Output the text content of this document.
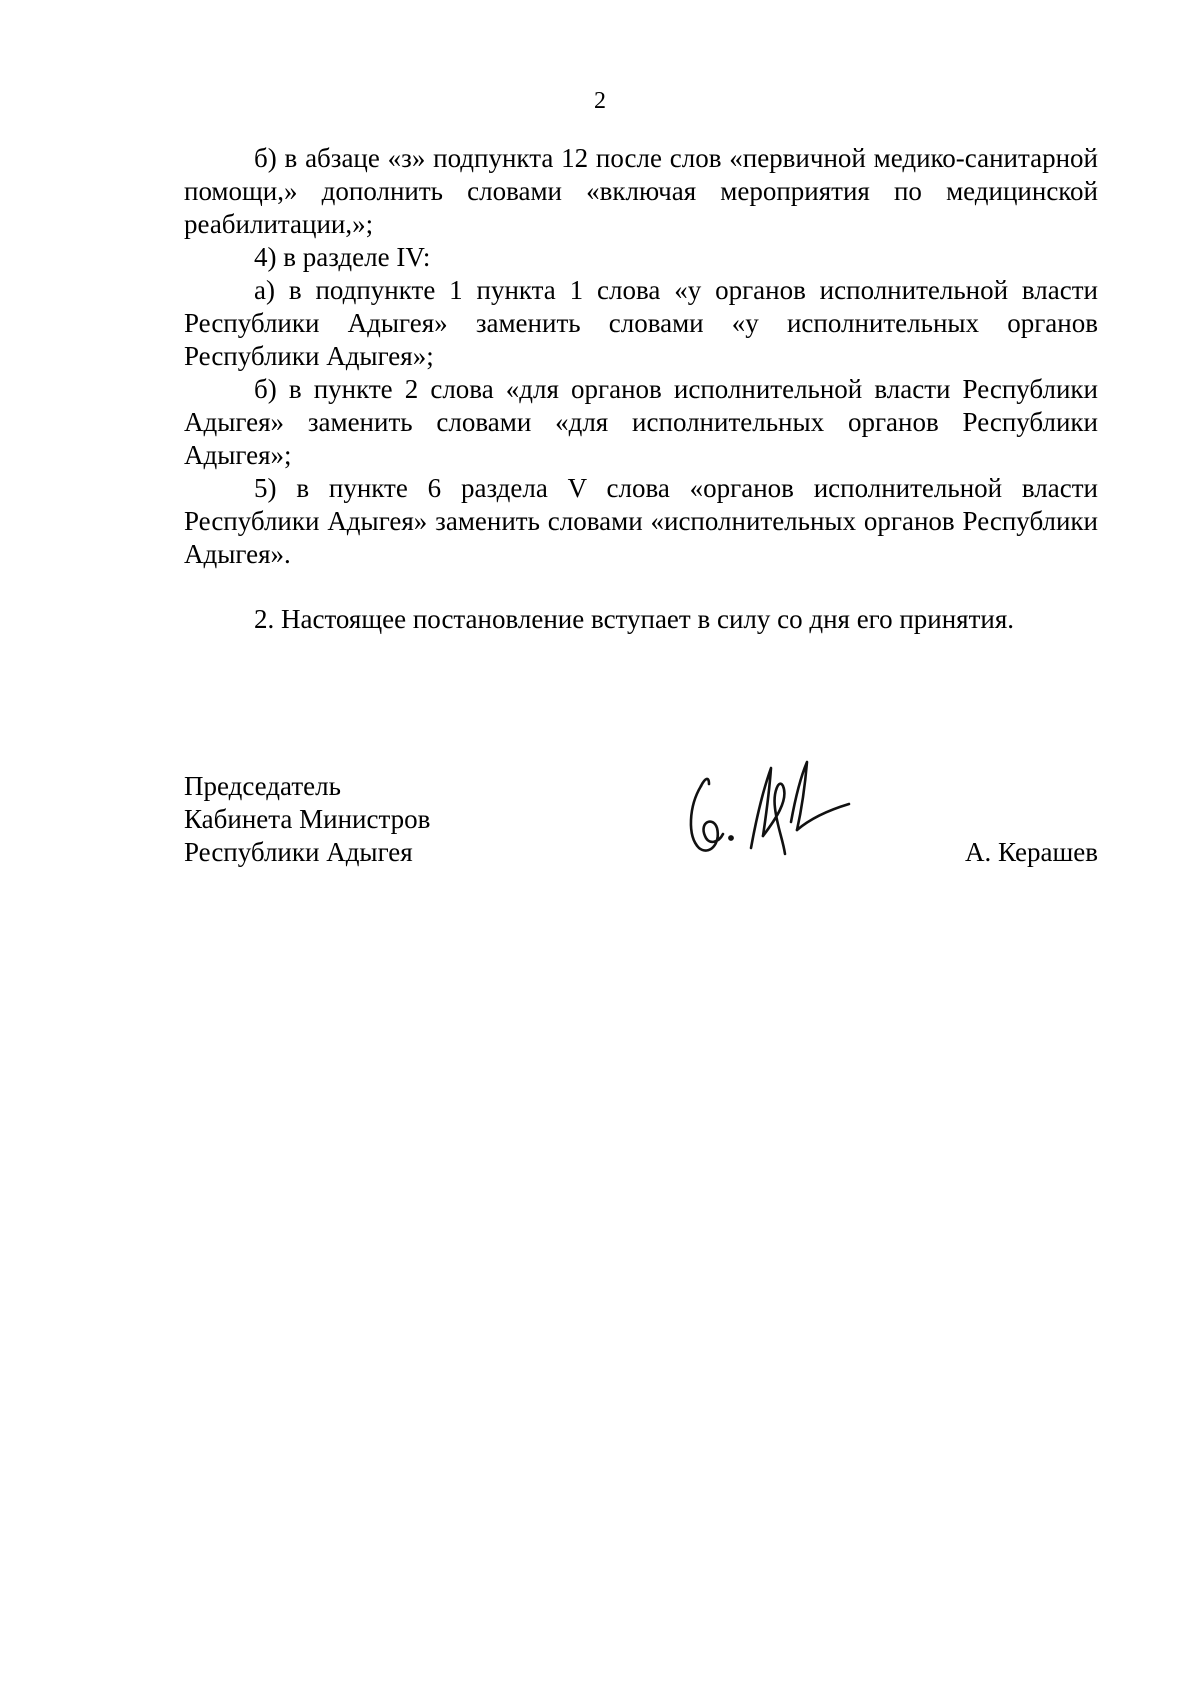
2

б) в абзаце «з» подпункта 12 после слов «первичной медико-санитарной помощи,» дополнить словами «включая мероприятия по медицинской реабилитации,»;

4) в разделе IV:

а) в подпункте 1 пункта 1 слова «у органов исполнительной власти Республики Адыгея» заменить словами «у исполнительных органов Республики Адыгея»;

б) в пункте 2 слова «для органов исполнительной власти Республики Адыгея» заменить словами «для исполнительных органов Республики Адыгея»;

5) в пункте 6 раздела V слова «органов исполнительной власти Республики Адыгея» заменить словами «исполнительных органов Республики Адыгея».

2. Настоящее постановление вступает в силу со дня его принятия.

Председатель
Кабинета Министров
Республики Адыгея	А. Керашев
